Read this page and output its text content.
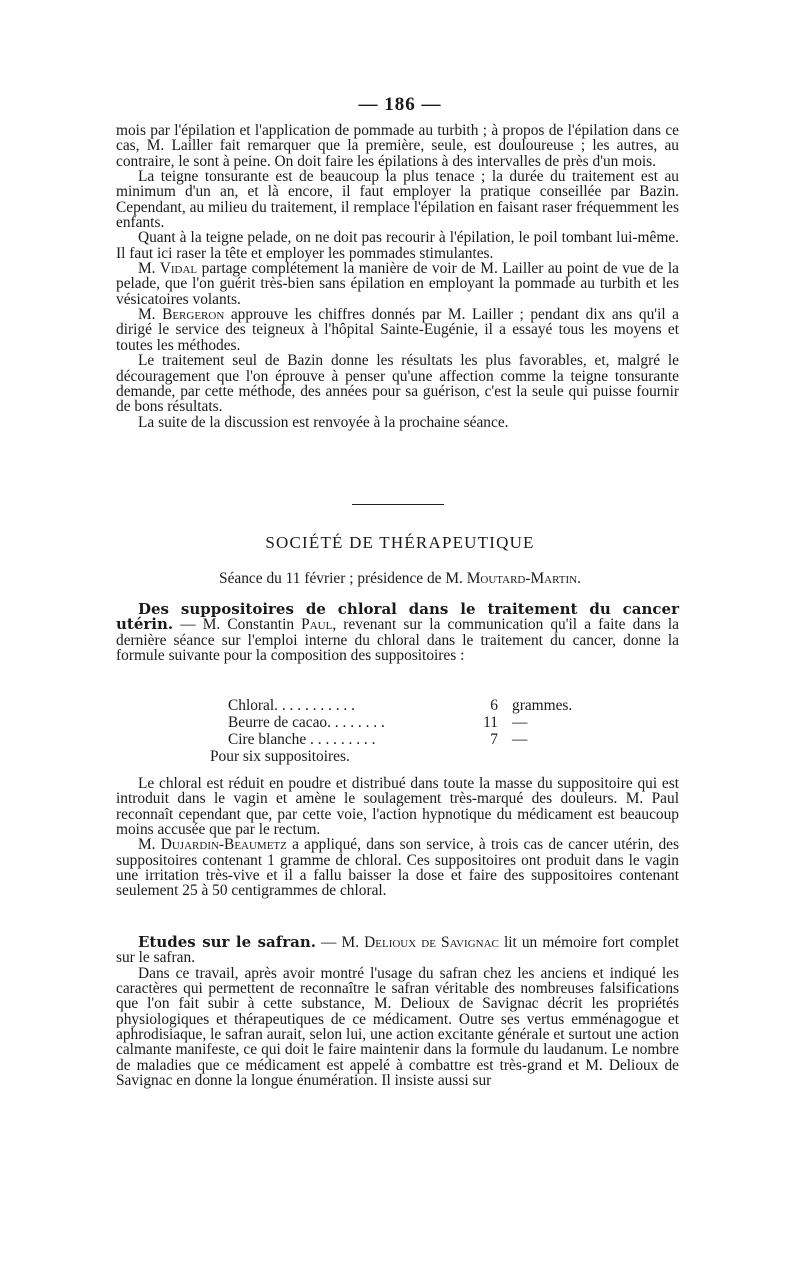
— 186 —

mois par l'épilation et l'application de pommade au turbith ; à propos de l'épilation dans ce cas, M. Lailler fait remarquer que la première, seule, est douloureuse ; les autres, au contraire, le sont à peine. On doit faire les épilations à des intervalles de près d'un mois.

La teigne tonsurante est de beaucoup la plus tenace ; la durée du traitement est au minimum d'un an, et là encore, il faut employer la pratique conseillée par Bazin. Cependant, au milieu du traitement, il remplace l'épilation en faisant raser fréquemment les enfants.

Quant à la teigne pelade, on ne doit pas recourir à l'épilation, le poil tombant lui-même. Il faut ici raser la tête et employer les pommades stimulantes.

M. Vidal partage complétement la manière de voir de M. Lailler au point de vue de la pelade, que l'on guérit très-bien sans épilation en employant la pommade au turbith et les vésicatoires volants.

M. Bergeron approuve les chiffres donnés par M. Lailler ; pendant dix ans qu'il a dirigé le service des teigneux à l'hôpital Sainte-Eugénie, il a essayé tous les moyens et toutes les méthodes.

Le traitement seul de Bazin donne les résultats les plus favorables, et, malgré le découragement que l'on éprouve à penser qu'une affection comme la teigne tonsurante demande, par cette méthode, des années pour sa guérison, c'est la seule qui puisse fournir de bons résultats.

La suite de la discussion est renvoyée à la prochaine séance.

SOCIÉTÉ DE THÉRAPEUTIQUE
Séance du 11 février ; présidence de M. Moutard-Martin.

Des suppositoires de chloral dans le traitement du cancer utérin. — M. Constantin Paul, revenant sur la communication qu'il a faite dans la dernière séance sur l'emploi interne du chloral dans le traitement du cancer, donne la formule suivante pour la composition des suppositoires :

Chloral. . . . . . . . . . .	6 grammes.
Beurre de cacao. . . . . . . .	11 —
Cire blanche . . . . . . . . .	7 —
Pour six suppositoires.

Le chloral est réduit en poudre et distribué dans toute la masse du suppositoire qui est introduit dans le vagin et amène le soulagement très-marqué des douleurs. M. Paul reconnaît cependant que, par cette voie, l'action hypnotique du médicament est beaucoup moins accusée que par le rectum.

M. Dujardin-Beaumetz a appliqué, dans son service, à trois cas de cancer utérin, des suppositoires contenant 1 gramme de chloral. Ces suppositoires ont produit dans le vagin une irritation très-vive et il a fallu baisser la dose et faire des suppositoires contenant seulement 25 à 50 centigrammes de chloral.

Etudes sur le safran. — M. Delioux de Savignac lit un mémoire fort complet sur le safran.

Dans ce travail, après avoir montré l'usage du safran chez les anciens et indiqué les caractères qui permettent de reconnaître le safran véritable des nombreuses falsifications que l'on fait subir à cette substance, M. Delioux de Savignac décrit les propriétés physiologiques et thérapeutiques de ce médicament. Outre ses vertus emménagogue et aphrodisiaque, le safran aurait, selon lui, une action excitante générale et surtout une action calmante manifeste, ce qui doit le faire maintenir dans la formule du laudanum. Le nombre de maladies que ce médicament est appelé à combattre est très-grand et M. Delioux de Savignac en donne la longue énumération. Il insiste aussi sur
